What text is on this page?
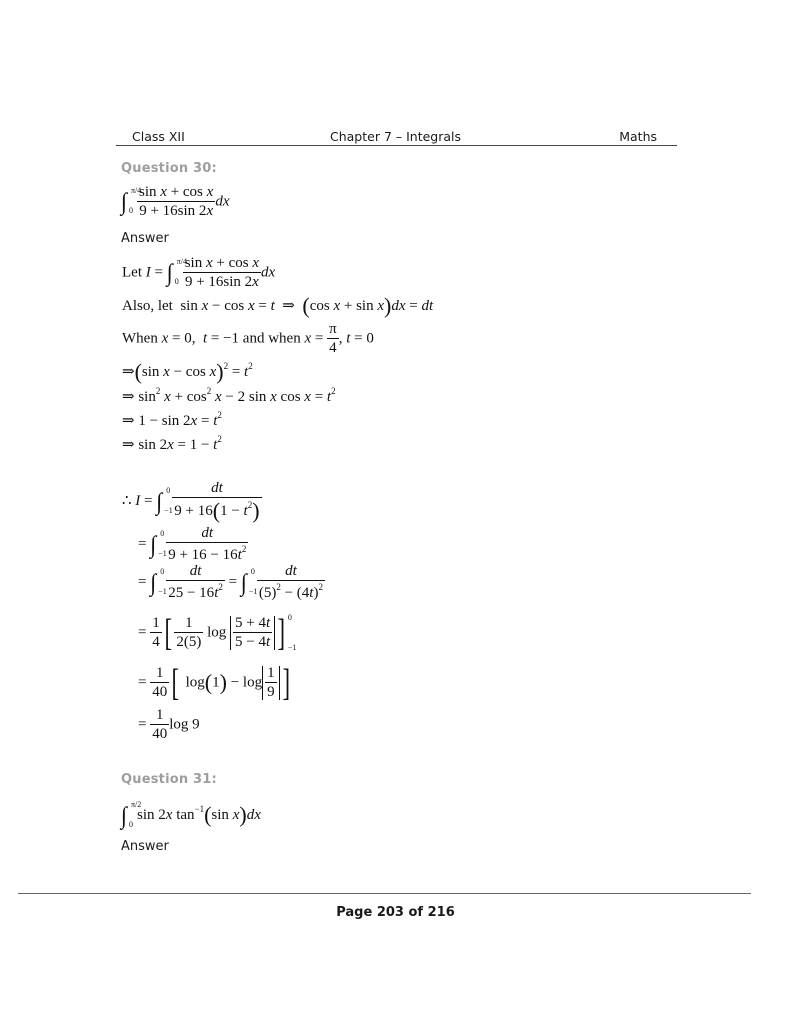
Class XII	Chapter 7 – Integrals	Maths
Question 30:
∫ π/4
$0 \frac{\text{sin x + cos x}}{9 + 16\sin 2x}$ dx
Answer
Let I = ∫ π/4
$0 \frac{\text{sin x + cos x}}{9 + 16\sin 2x}$ dx
Also, let  sin x − cos x = t  ⇒  (cos x + sin x)dx = dt
When x = 0,  t = −1 and when $x = \frac{\pi}{4}$ , t = 0
⇒(sin $x - \cos x)^2 = t^2$
⇒ $\sin^2 x + \cos^2 x - 2$ sin x $\cos x = t^2$
⇒ $1 - \sin 2x = t^2$
⇒ $\sin 2x = 1 - t^2$
∴ I = ∫ 0
$-1 \frac{dt}{9 + 16(1 - t^2)}$
= ∫ 0
$-1 \frac{dt}{9 + 16 - 16t^2}$
= ∫ 0
$-1 \frac{dt}{25 - 16t^2}$ = ∫ 0
$-1 \frac{dt}{(5)^2 - (4t)^2}$
= $\frac{1}{4}$ [ $\frac{1}{2(5)}$ $\log \frac{5 + 4t}{5 - 4t}$ ] $^0_{-1}$
= $\frac{1}{40}$ [ $\log(1) - \log \frac{1}{9}$ ]
= $\frac{1}{40}$ log 9
Question 31:
∫ π/2
0
sin 2x $\tan^{-1}(\sin$ x)dx
Answer
Page 203 of 216
